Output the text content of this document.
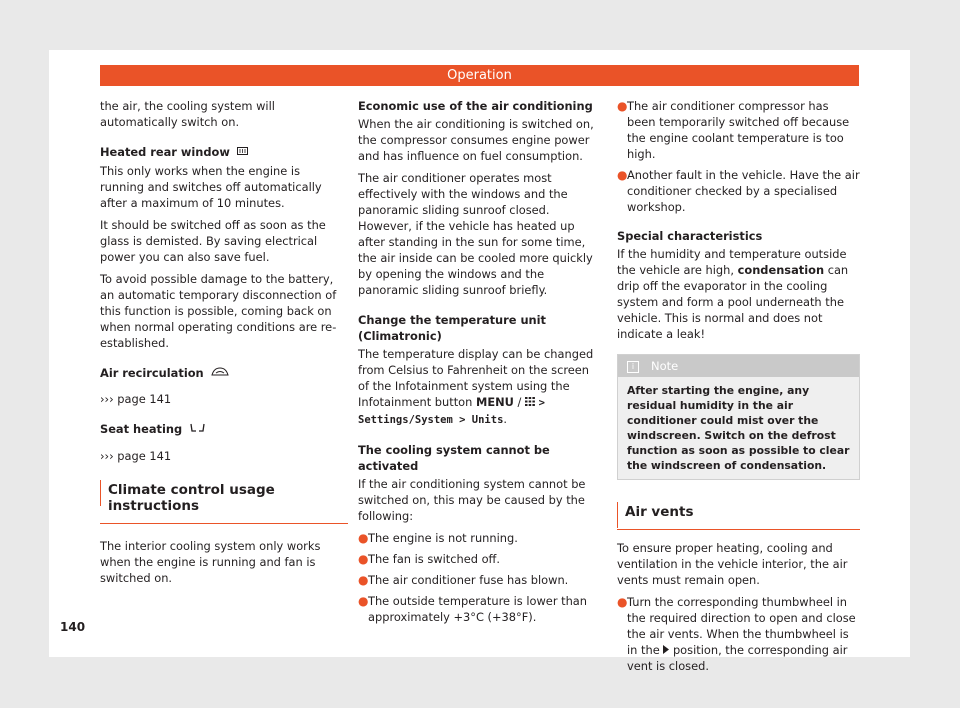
Operation

the air, the cooling system will automatically switch on.

Heated rear window

This only works when the engine is running and switches off automatically after a maximum of 10 minutes.

It should be switched off as soon as the glass is demisted. By saving electrical power you can also save fuel.

To avoid possible damage to the battery, an automatic temporary disconnection of this function is possible, coming back on when normal operating conditions are re-established.

Air recirculation

››› page 141

Seat heating

››› page 141

Climate control usage instructions

The interior cooling system only works when the engine is running and fan is switched on.

Economic use of the air conditioning

When the air conditioning is switched on, the compressor consumes engine power and has influence on fuel consumption.

The air conditioner operates most effectively with the windows and the panoramic sliding sunroof closed. However, if the vehicle has heated up after standing in the sun for some time, the air inside can be cooled more quickly by opening the windows and the panoramic sliding sunroof briefly.

Change the temperature unit (Climatronic)

The temperature display can be changed from Celsius to Fahrenheit on the screen of the Infotainment system using the Infotainment button MENU /  > Settings/System > Units.

The cooling system cannot be activated

If the air conditioning system cannot be switched on, this may be caused by the following:

● The engine is not running.
● The fan is switched off.
● The air conditioner fuse has blown.
● The outside temperature is lower than approximately +3°C (+38°F).
● The air conditioner compressor has been temporarily switched off because the engine coolant temperature is too high.
● Another fault in the vehicle. Have the air conditioner checked by a specialised workshop.
Special characteristics

If the humidity and temperature outside the vehicle are high, condensation can drip off the evaporator in the cooling system and form a pool underneath the vehicle. This is normal and does not indicate a leak!

i Note
After starting the engine, any residual humidity in the air conditioner could mist over the windscreen. Switch on the defrost function as soon as possible to clear the windscreen of condensation.
Air vents

To ensure proper heating, cooling and ventilation in the vehicle interior, the air vents must remain open.

● Turn the corresponding thumbwheel in the required direction to open and close the air vents. When the thumbwheel is in the position, the corresponding air vent is closed.
140
